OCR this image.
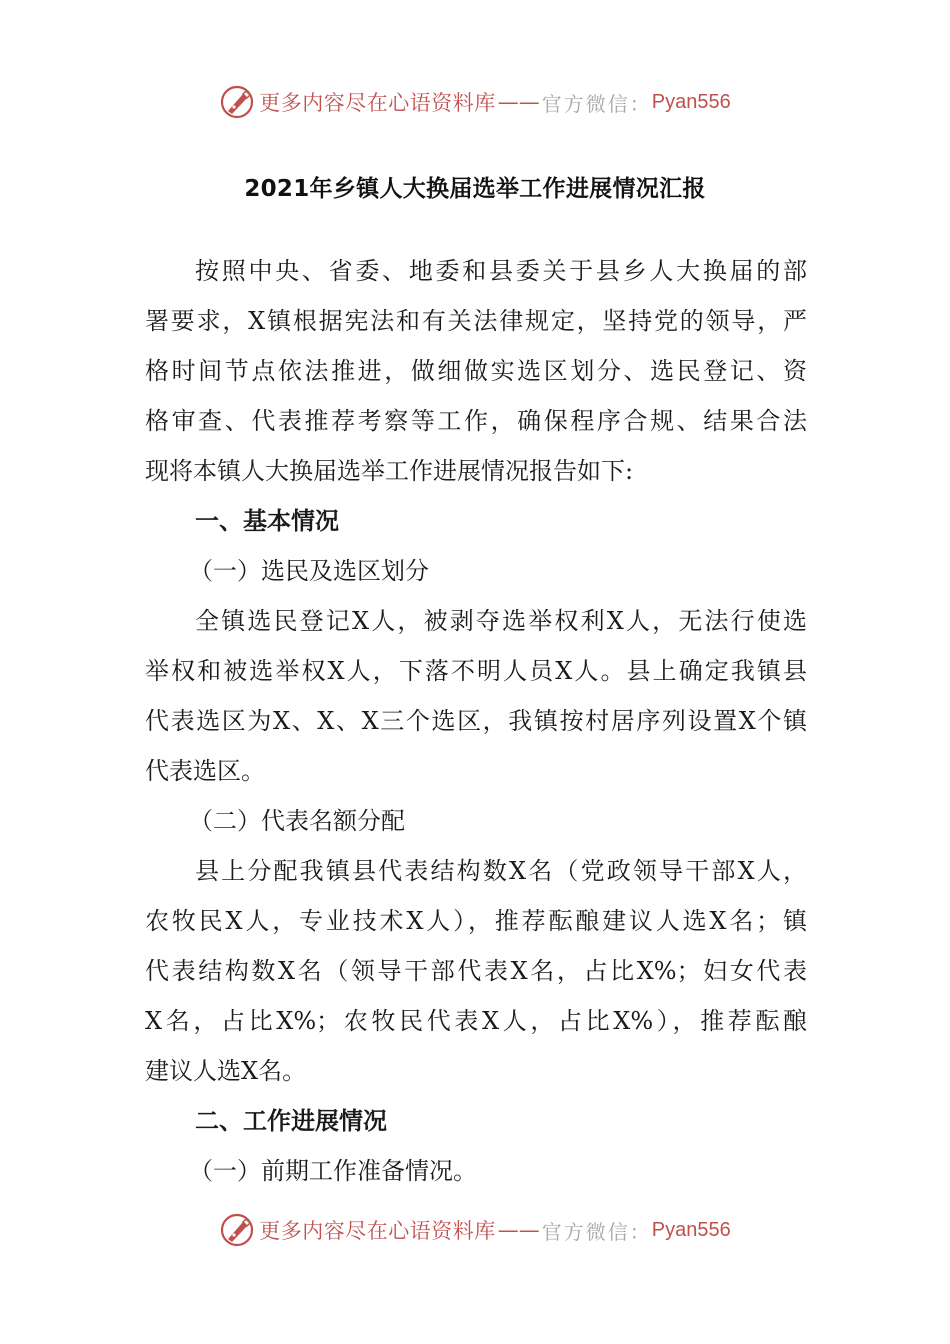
更多内容尽在心语资料库 —— 官方微信： Pyan556
2021年乡镇人大换届选举工作进展情况汇报
按照中央、省委、地委和县委关于县乡人大换届的部
署要求，X镇根据宪法和有关法律规定，坚持党的领导，严
格时间节点依法推进，做细做实选区划分、选民登记、资
格审查、代表推荐考察等工作，确保程序合规、结果合法
现将本镇人大换届选举工作进展情况报告如下:
一、基本情况
（一）选民及选区划分
全镇选民登记X人，被剥夺选举权利X人，无法行使选
举权和被选举权X人，下落不明人员X人。县上确定我镇县
代表选区为X、X、X三个选区，我镇按村居序列设置X个镇
代表选区。
（二）代表名额分配
县上分配我镇县代表结构数X名（党政领导干部X人，
农牧民X人，专业技术X人），推荐酝酿建议人选X名；镇
代表结构数X名（领导干部代表X名，占比X%；妇女代表
X名，占比X%；农牧民代表X人，占比X%），推荐酝酿
建议人选X名。
二、工作进展情况
（一）前期工作准备情况。
更多内容尽在心语资料库 —— 官方微信： Pyan556
